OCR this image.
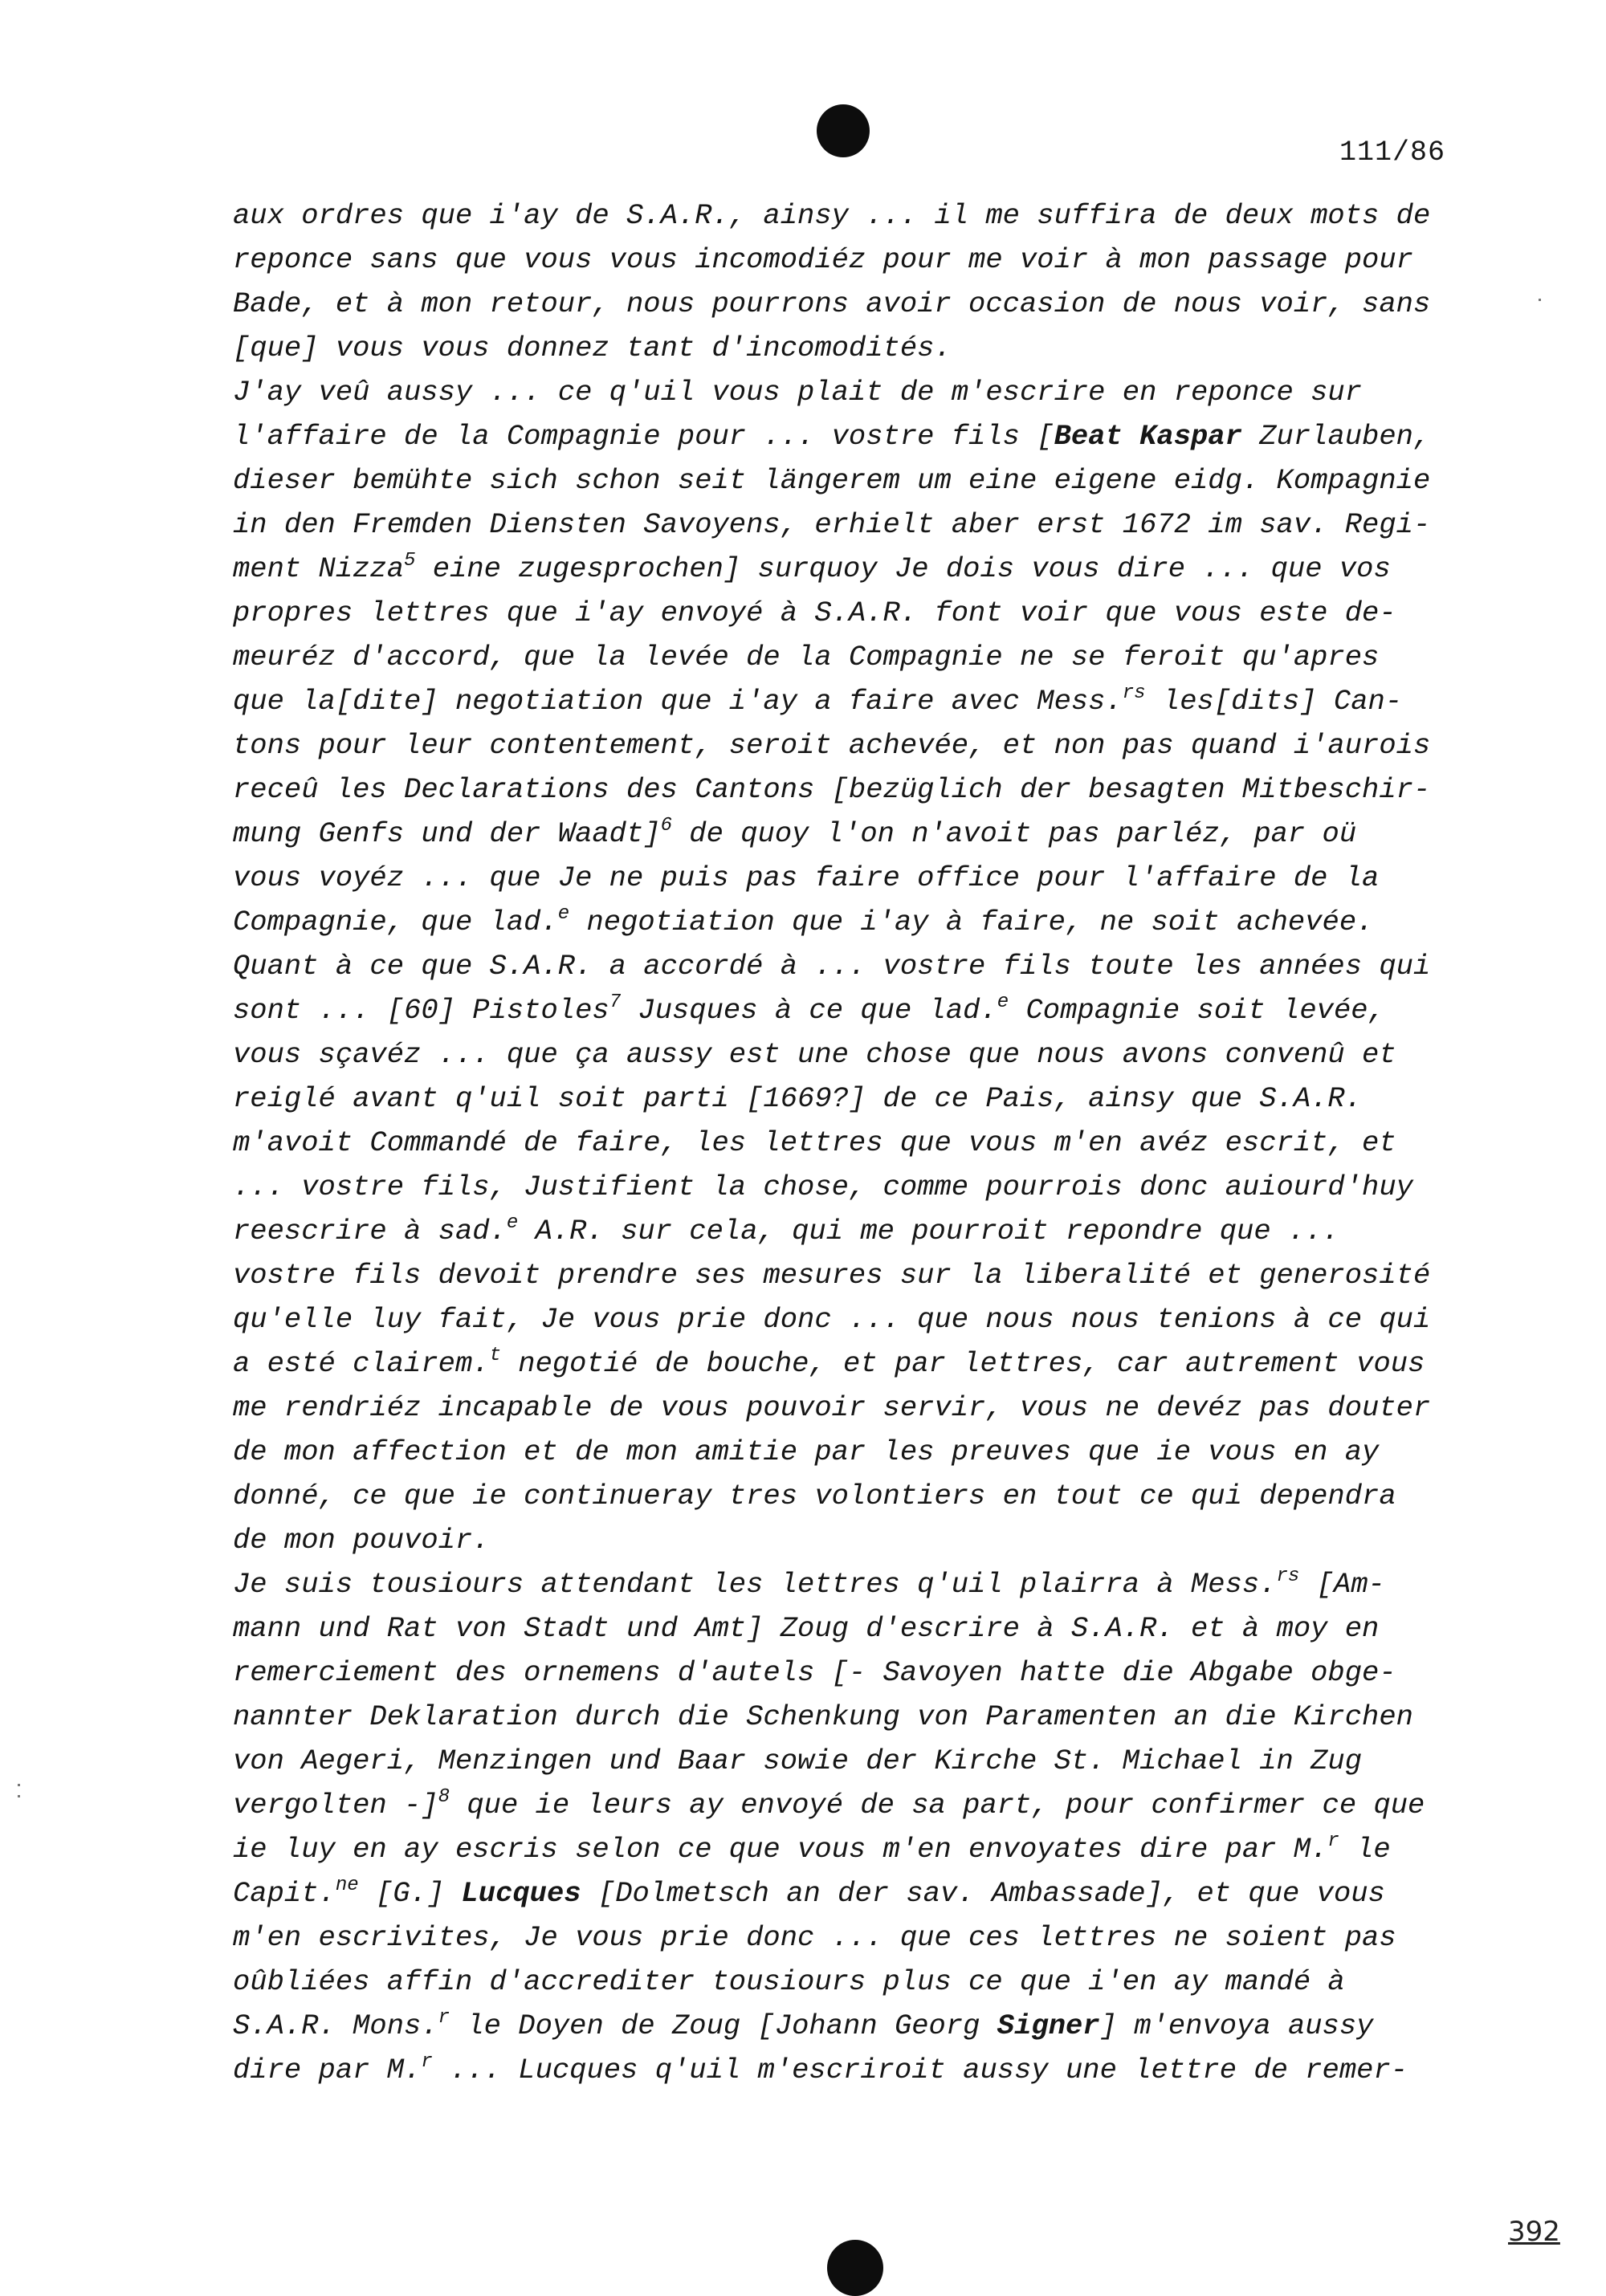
111/86
aux ordres que i'ay de S.A.R., ainsy ... il me suffira de deux mots de
reponce sans que vous vous incomodiéz pour me voir à mon passage pour
Bade, et à mon retour, nous pourrons avoir occasion de nous voir, sans
[que] vous vous donnez tant d'incomodités.
J'ay veû aussy ... ce q'uil vous plait de m'escrire en reponce sur
l'affaire de la Compagnie pour ... vostre fils [Beat Kaspar Zurlauben,
dieser bemühte sich schon seit längerem um eine eigene eidg. Kompagnie
in den Fremden Diensten Savoyens, erhielt aber erst 1672 im sav. Regi-
ment Nizza$^5$ eine zugesprochen] surquoy Je dois vous dire ... que vos
propres lettres que i'ay envoyé à S.A.R. font voir que vous este de-
meuréz d'accord, que la levée de la Compagnie ne se feroit qu'apres
que la[dite] negotiation que i'ay a faire avec Mess.$^{rs}$ les[dits] Can-
tons pour leur contentement, seroit achevée, et non pas quand i'aurois
receû les Declarations des Cantons [bezüglich der besagten Mitbeschir-
mung Genfs und der Waadt]$^6$ de quoy l'on n'avoit pas parléz, par oü
vous voyéz ... que Je ne puis pas faire office pour l'affaire de la
Compagnie, que lad.$^e$ negotiation que i'ay à faire, ne soit achevée.
Quant à ce que S.A.R. a accordé à ... vostre fils toute les années qui
sont ... [60] Pistoles$^7$ Jusques à ce que lad.$^e$ Compagnie soit levée,
vous sçavéz ... que ça aussy est une chose que nous avons convenû et
reiglé avant q'uil soit parti [1669?] de ce Pais, ainsy que S.A.R.
m'avoit Commandé de faire, les lettres que vous m'en avéz escrit, et
... vostre fils, Justifient la chose, comme pourrois donc auiourd'huy
reescrire à sad.$^e$ A.R. sur cela, qui me pourroit repondre que ...
vostre fils devoit prendre ses mesures sur la liberalité et generosité
qu'elle luy fait, Je vous prie donc ... que nous nous tenions à ce qui
a esté clairem.$^t$ negotié de bouche, et par lettres, car autrement vous
me rendriéz incapable de vous pouvoir servir, vous ne devéz pas douter
de mon affection et de mon amitie par les preuves que ie vous en ay
donné, ce que ie continueray tres volontiers en tout ce qui dependra
de mon pouvoir.
Je suis tousiours attendant les lettres q'uil plairra à Mess.$^{rs}$ [Am-
mann und Rat von Stadt und Amt] Zoug d'escrire à S.A.R. et à moy en
remerciement des ornemens d'autels [- Savoyen hatte die Abgabe obge-
nannter Deklaration durch die Schenkung von Paramenten an die Kirchen
von Aegeri, Menzingen und Baar sowie der Kirche St. Michael in Zug
vergolten -]$^8$ que ie leurs ay envoyé de sa part, pour confirmer ce que
ie luy en ay escris selon ce que vous m'en envoyates dire par M.$^r$ le
Capit.$^{ne}$ [G.] Lucques [Dolmetsch an der sav. Ambassade], et que vous
m'en escrivites, Je vous prie donc ... que ces lettres ne soient pas
oûbliées affin d'accrediter tousiours plus ce que i'en ay mandé à
S.A.R. Mons.$^r$ le Doyen de Zoug [Johann Georg Signer] m'envoya aussy
dire par M.$^r$ ... Lucques q'uil m'escriroit aussy une lettre de remer-
392
